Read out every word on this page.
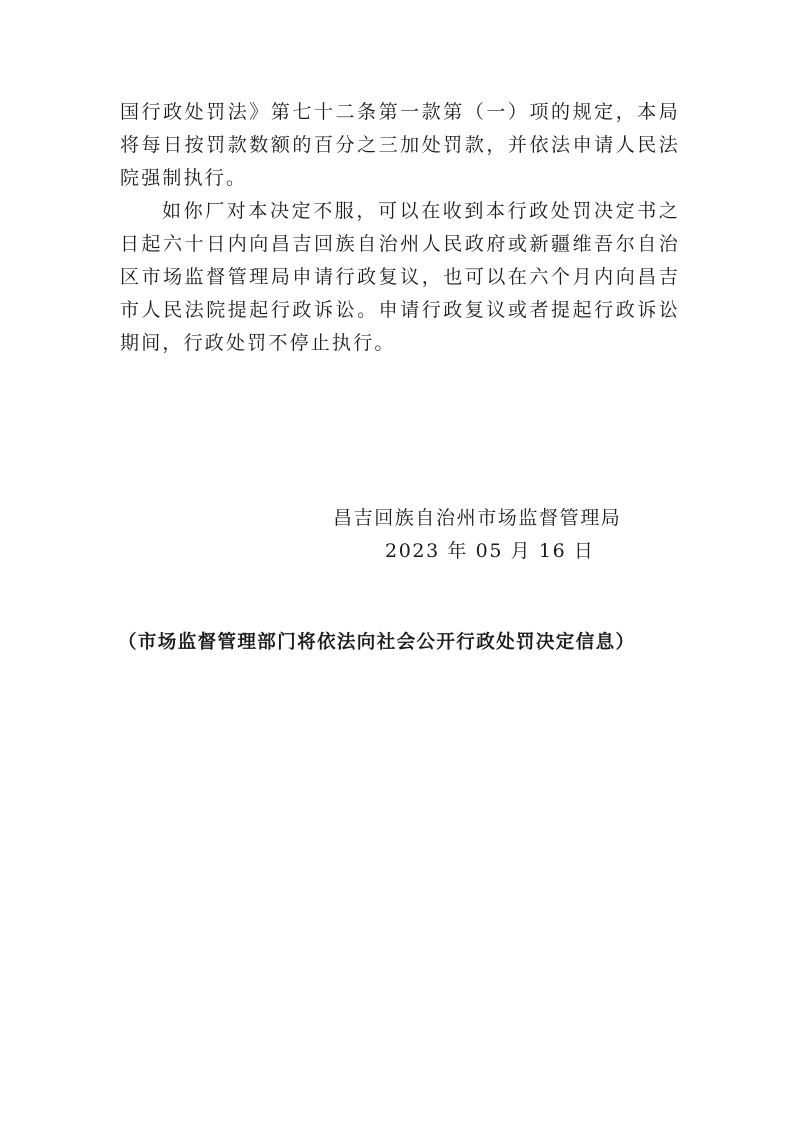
国行政处罚法》第七十二条第一款第（一）项的规定，本局将每日按罚款数额的百分之三加处罚款，并依法申请人民法院强制执行。

如你厂对本决定不服，可以在收到本行政处罚决定书之日起六十日内向昌吉回族自治州人民政府或新疆维吾尔自治区市场监督管理局申请行政复议，也可以在六个月内向昌吉市人民法院提起行政诉讼。申请行政复议或者提起行政诉讼期间，行政处罚不停止执行。

昌吉回族自治州市场监督管理局
2023 年 05 月 16 日
（市场监督管理部门将依法向社会公开行政处罚决定信息）
